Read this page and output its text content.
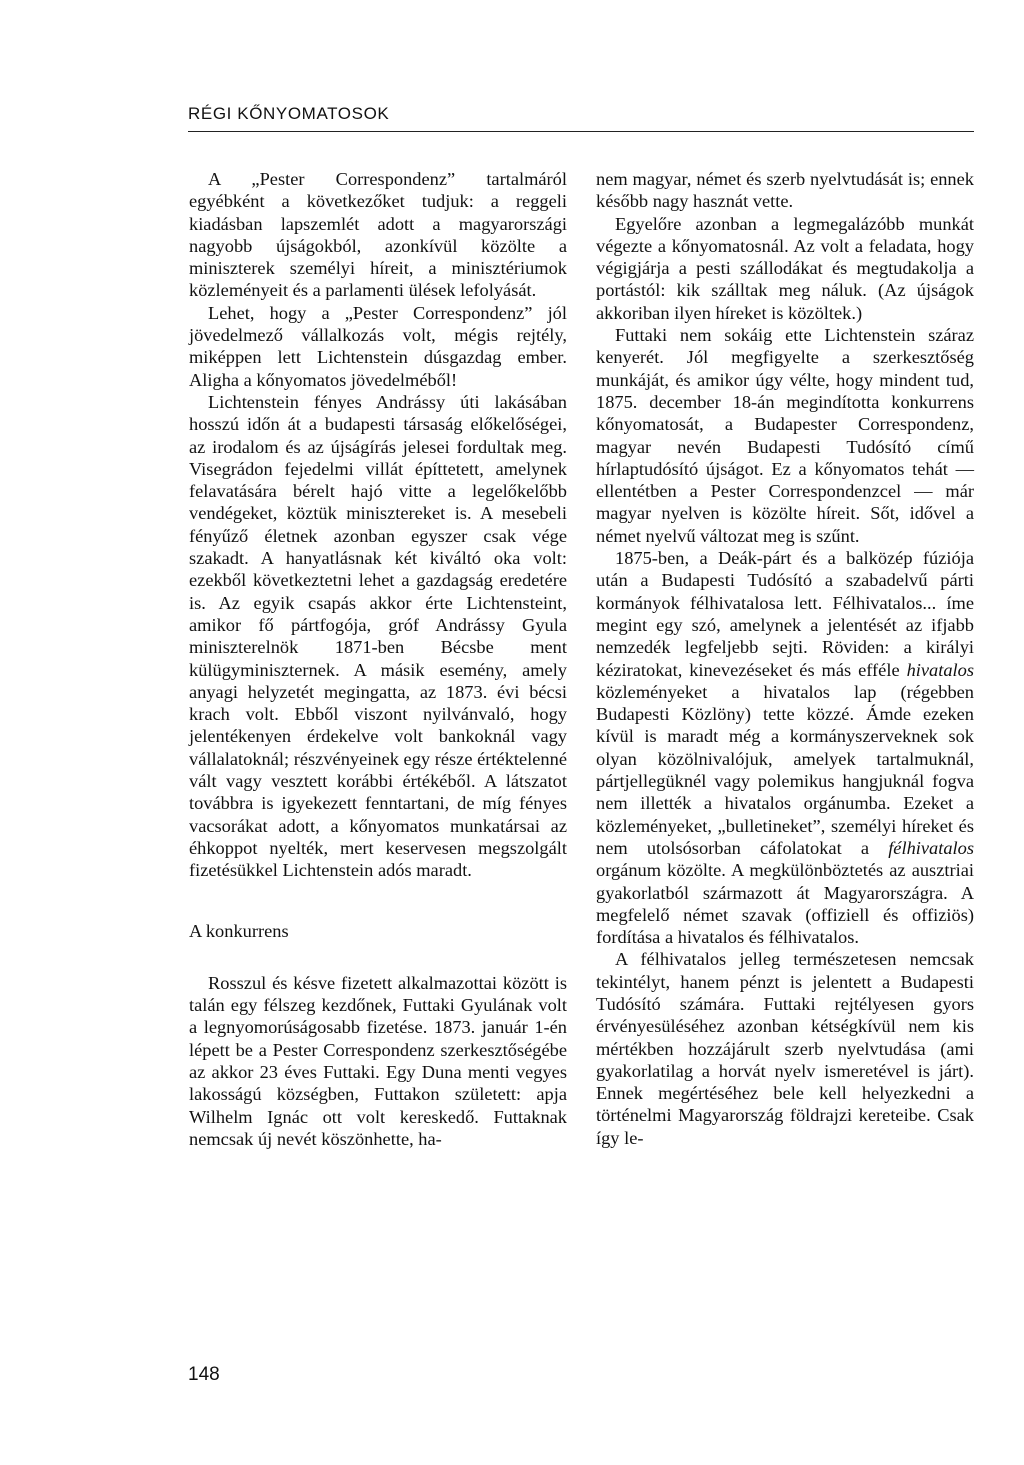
RÉGI KŐNYOMATOSOK

A „Pester Correspondenz” tartalmáról egyébként a következőket tudjuk: a reggeli kiadásban lapszemlét adott a magyarországi nagyobb újságokból, azonkívül közölte a miniszterek személyi híreit, a minisztériumok közleményeit és a parlamenti ülések lefolyását.

Lehet, hogy a „Pester Correspondenz” jól jövedelmező vállalkozás volt, mégis rejtély, miképpen lett Lichtenstein dúsgazdag ember. Aligha a kőnyomatos jövedelméből!

Lichtenstein fényes Andrássy úti lakásában hosszú időn át a budapesti társaság előkelőségei, az irodalom és az újságírás jelesei fordultak meg. Visegrádon fejedelmi villát építtetett, amelynek felavatására bérelt hajó vitte a legelőkelőbb vendégeket, köztük minisztereket is. A mesebeli fényűző életnek azonban egyszer csak vége szakadt. A hanyatlásnak két kiváltó oka volt: ezekből következtetni lehet a gazdagság eredetére is. Az egyik csapás akkor érte Lichtensteint, amikor fő pártfogója, gróf Andrássy Gyula miniszterelnök 1871-ben Bécsbe ment külügyminiszternek. A másik esemény, amely anyagi helyzetét megingatta, az 1873. évi bécsi krach volt. Ebből viszont nyilvánvaló, hogy jelentékenyen érdekelve volt bankoknál vagy vállalatoknál; részvényeinek egy része értéktelenné vált vagy vesztett korábbi értékéből. A látszatot továbbra is igyekezett fenntartani, de míg fényes vacsorákat adott, a kőnyomatos munkatársai az éhkoppot nyelték, mert keservesen megszolgált fizetésükkel Lichtenstein adós maradt.

A konkurrens

Rosszul és késve fizetett alkalmazottai között is talán egy félszeg kezdőnek, Futtaki Gyulának volt a legnyomorúságosabb fizetése. 1873. január 1-én lépett be a Pester Correspondenz szerkesztőségébe az akkor 23 éves Futtaki. Egy Duna menti vegyes lakosságú községben, Futtakon született: apja Wilhelm Ignác ott volt kereskedő. Futtaknak nemcsak új nevét köszönhette, ha-

nem magyar, német és szerb nyelvtudását is; ennek később nagy hasznát vette.

Egyelőre azonban a legmegalázóbb munkát végezte a kőnyomatosnál. Az volt a feladata, hogy végigjárja a pesti szállodákat és megtudakolja a portástól: kik szálltak meg náluk. (Az újságok akkoriban ilyen híreket is közöltek.)

Futtaki nem sokáig ette Lichtenstein száraz kenyerét. Jól megfigyelte a szerkesztőség munkáját, és amikor úgy vélte, hogy mindent tud, 1875. december 18-án megindította konkurrens kőnyomatosát, a Budapester Correspondenz, magyar nevén Budapesti Tudósító című hírlaptudósító újságot. Ez a kőnyomatos tehát — ellentétben a Pester Correspondenzcel — már magyar nyelven is közölte híreit. Sőt, idővel a német nyelvű változat meg is szűnt.

1875-ben, a Deák-párt és a balközép fúziója után a Budapesti Tudósító a szabadelvű párti kormányok félhivatalosa lett. Félhivatalos... íme megint egy szó, amelynek a jelentését az ifjabb nemzedék legfeljebb sejti. Röviden: a királyi kéziratokat, kinevezéseket és más efféle hivatalos közleményeket a hivatalos lap (régebben Budapesti Közlöny) tette közzé. Ámde ezeken kívül is maradt még a kormányszerveknek sok olyan közölnivalójuk, amelyek tartalmuknál, pártjellegüknél vagy polemikus hangjuknál fogva nem illették a hivatalos orgánumba. Ezeket a közleményeket, „bulletineket”, személyi híreket és nem utolsósorban cáfolatokat a félhivatalos orgánum közölte. A megkülönböztetés az ausztriai gyakorlatból származott át Magyarországra. A megfelelő német szavak (offiziell és offiziös) fordítása a hivatalos és félhivatalos.

A félhivatalos jelleg természetesen nemcsak tekintélyt, hanem pénzt is jelentett a Budapesti Tudósító számára. Futtaki rejtélyesen gyors érvényesüléséhez azonban kétségkívül nem kis mértékben hozzájárult szerb nyelvtudása (ami gyakorlatilag a horvát nyelv ismeretével is járt). Ennek megértéséhez bele kell helyezkedni a történelmi Magyarország földrajzi kereteibe. Csak így le-

148
